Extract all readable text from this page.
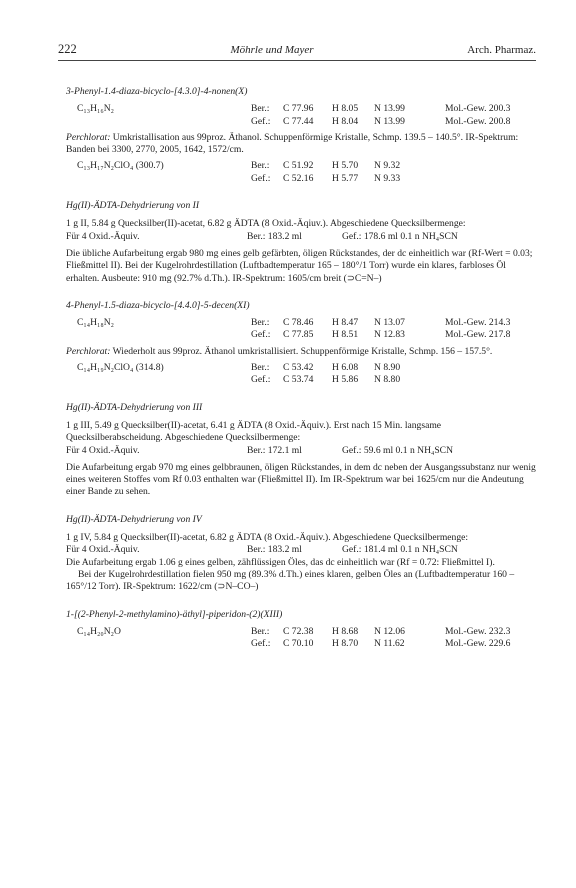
222	Möhrle und Mayer	Arch. Pharmaz.

3-Phenyl-1.4-diaza-bicyclo-[4.3.0]-4-nonen(X)

C₁₃H₁₆N₂	Ber.:	C 77.96	H 8.05	N 13.99	Mol.-Gew. 200.3
Gef.:	C 77.44	H 8.04	N 13.99	Mol.-Gew. 200.8

Perchlorat: Umkristallisation aus 99proz. Äthanol. Schuppenförmige Kristalle, Schmp. 139.5 – 140.5°. IR-Spektrum: Banden bei 3300, 2770, 2005, 1642, 1572/cm.

C₁₃H₁₇N₂ClO₄ (300.7)	Ber.:	C 51.92	H 5.70	N 9.32
Gef.:	C 52.16	H 5.77	N 9.33

Hg(II)-ÄDTA-Dehydrierung von II

1 g II, 5.84 g Quecksilber(II)-acetat, 6.82 g ÄDTA (8 Oxid.-Äqiuv.). Abgeschiedene Quecksilbermenge:

Für 4 Oxid.-Äquiv.	Ber.: 183.2 ml	Gef.: 178.6 ml 0.1 n NH₄SCN

Die übliche Aufarbeitung ergab 980 mg eines gelb gefärbten, öligen Rückstandes, der dc einheitlich war (Rf-Wert = 0.03; Fließmittel II). Bei der Kugelrohrdestillation (Luftbadtemperatur 165 – 180°/1 Torr) wurde ein klares, farbloses Öl erhalten. Ausbeute: 910 mg (92.7% d.Th.). IR-Spektrum: 1605/cm breit (⊃C=N–)

4-Phenyl-1.5-diaza-bicyclo-[4.4.0]-5-decen(XI)

C₁₄H₁₈N₂	Ber.:	C 78.46	H 8.47	N 13.07	Mol.-Gew. 214.3
Gef.:	C 77.85	H 8.51	N 12.83	Mol.-Gew. 217.8

Perchlorat: Wiederholt aus 99proz. Äthanol umkristallisiert. Schuppenförmige Kristalle, Schmp. 156 – 157.5°.

C₁₄H₁₉N₂ClO₄ (314.8)	Ber.:	C 53.42	H 6.08	N 8.90
Gef.:	C 53.74	H 5.86	N 8.80

Hg(II)-ÄDTA-Dehydrierung von III

1 g III, 5.49 g Quecksilber(II)-acetat, 6.41 g ÄDTA (8 Oxid.-Äquiv.). Erst nach 15 Min. langsame Quecksilberabscheidung. Abgeschiedene Quecksilbermenge:

Für 4 Oxid.-Äquiv.	Ber.: 172.1 ml	Gef.: 59.6 ml 0.1 n NH₄SCN

Die Aufarbeitung ergab 970 mg eines gelbbraunen, öligen Rückstandes, in dem dc neben der Ausgangssubstanz nur wenig eines weiteren Stoffes vom Rf 0.03 enthalten war (Fließmittel II). Im IR-Spektrum war bei 1625/cm nur die Andeutung einer Bande zu sehen.

Hg(II)-ÄDTA-Dehydrierung von IV

1 g IV, 5.84 g Quecksilber(II)-acetat, 6.82 g ÄDTA (8 Oxid.-Äquiv.). Abgeschiedene Quecksilbermenge:

Für 4 Oxid.-Äquiv.	Ber.: 183.2 ml	Gef.: 181.4 ml 0.1 n NH₄SCN

Die Aufarbeitung ergab 1.06 g eines gelben, zähflüssigen Öles, das dc einheitlich war (Rf = 0.72: Fließmittel I).

Bei der Kugelrohrdestillation fielen 950 mg (89.3% d.Th.) eines klaren, gelben Öles an (Luftbadtemperatur 160 – 165°/12 Torr). IR-Spektrum: 1622/cm (⊃N–CO–)

1-[(2-Phenyl-2-methylamino)-äthyl]-piperidon-(2)(XIII)

C₁₄H₂₀N₂O	Ber.:	C 72.38	H 8.68	N 12.06	Mol.-Gew. 232.3
Gef.:	C 70.10	H 8.70	N 11.62	Mol.-Gew. 229.6
